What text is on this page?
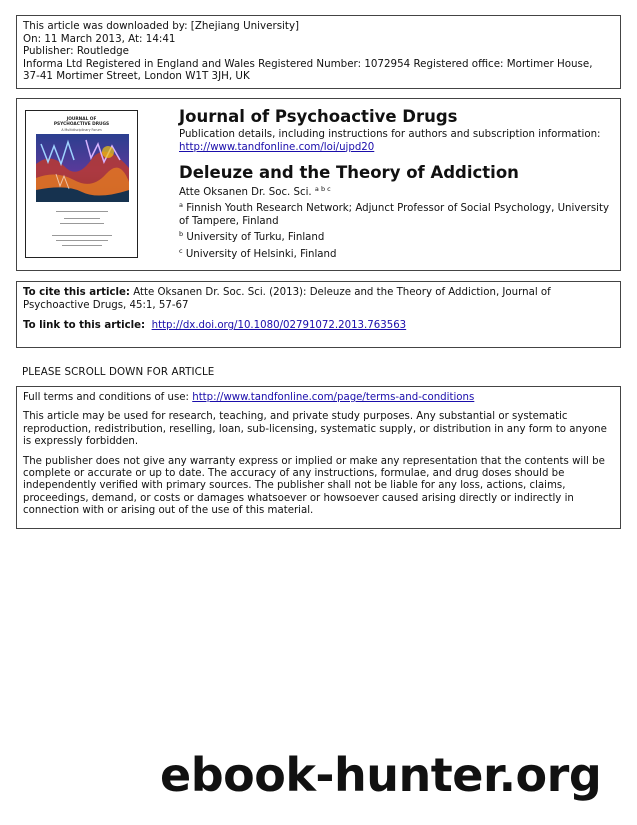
This article was downloaded by: [Zhejiang University]
On: 11 March 2013, At: 14:41
Publisher: Routledge
Informa Ltd Registered in England and Wales Registered Number: 1072954 Registered office: Mortimer House,
37-41 Mortimer Street, London W1T 3JH, UK
JOURNAL OF
PSYCHOACTIVE DRUGS
A Multidisciplinary Forum

Journal of Psychoactive Drugs

Publication details, including instructions for authors and subscription information:
http://www.tandfonline.com/loi/ujpd20

Deleuze and the Theory of Addiction

Atte Oksanen Dr. Soc. Sci. $^{a b c}$

$^a$ Finnish Youth Research Network; Adjunct Professor of Social Psychology, University of Tampere, Finland

$^b$ University of Turku, Finland

$^c$ University of Helsinki, Finland

To cite this article: Atte Oksanen Dr. Soc. Sci. (2013): Deleuze and the Theory of Addiction, Journal of Psychoactive Drugs, 45:1, 57-67

To link to this article: http://dx.doi.org/10.1080/02791072.2013.763563

PLEASE SCROLL DOWN FOR ARTICLE

Full terms and conditions of use: http://www.tandfonline.com/page/terms-and-conditions

This article may be used for research, teaching, and private study purposes. Any substantial or systematic reproduction, redistribution, reselling, loan, sub-licensing, systematic supply, or distribution in any form to anyone is expressly forbidden.

The publisher does not give any warranty express or implied or make any representation that the contents will be complete or accurate or up to date. The accuracy of any instructions, formulae, and drug doses should be independently verified with primary sources. The publisher shall not be liable for any loss, actions, claims, proceedings, demand, or costs or damages whatsoever or howsoever caused arising directly or indirectly in connection with or arising out of the use of this material.

ebook-hunter.org
